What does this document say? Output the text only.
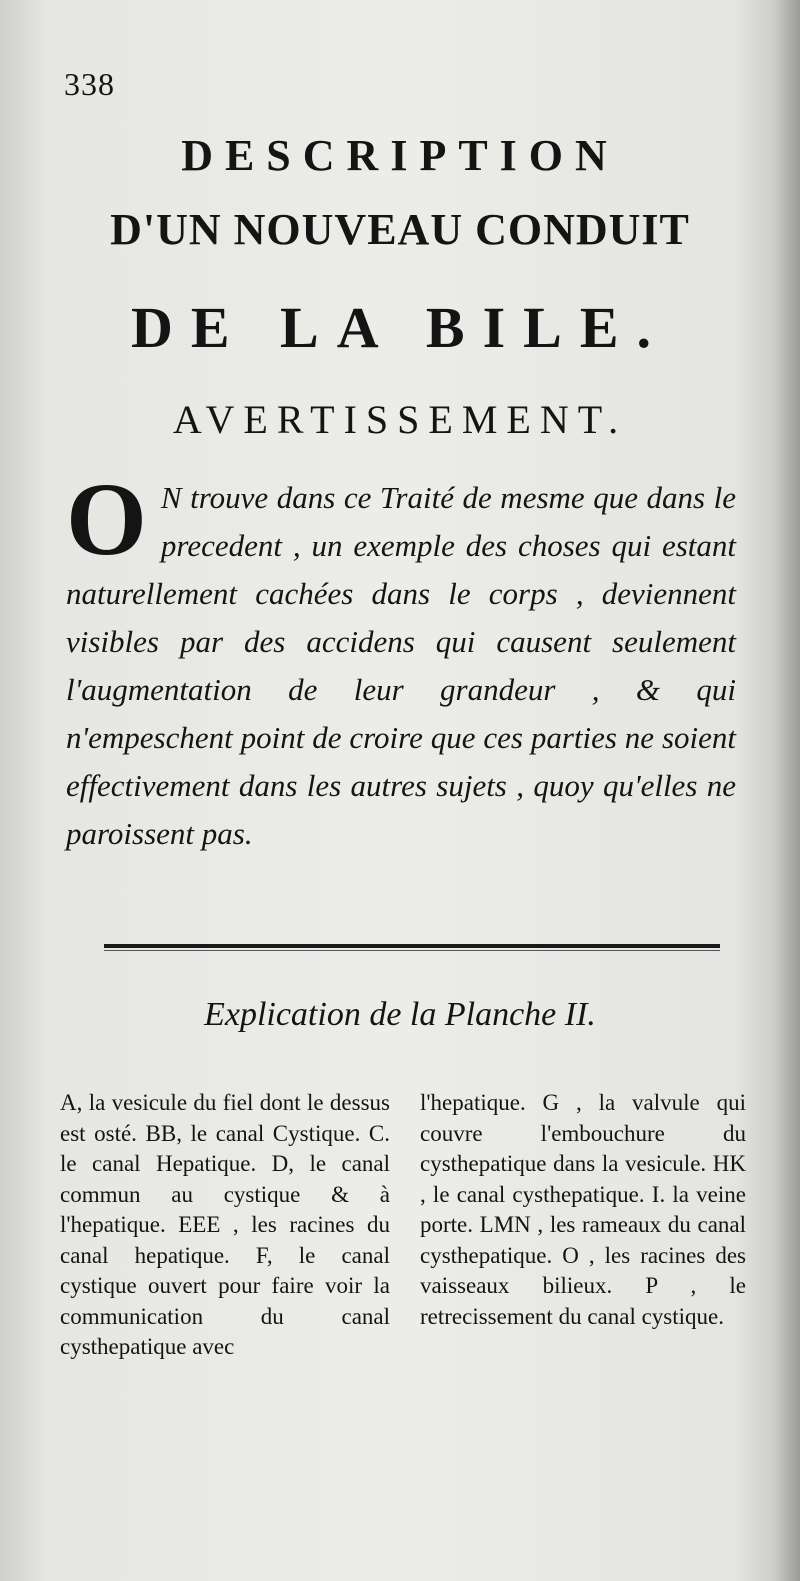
338
DESCRIPTION
D'UN NOUVEAU CONDUIT
DE LA BILE.
AVERTISSEMENT.
O N trouve dans ce Traité de mesme que dans le precedent , un exemple des choses qui estant naturellement cachées dans le corps , deviennent visibles par des accidens qui causent seulement l'augmentation de leur grandeur , & qui n'empeschent point de croire que ces parties ne soient effectivement dans les autres sujets , quoy qu'elles ne paroissent pas.
Explication de la Planche II.
A, la vesicule du fiel dont le dessus est osté. BB, le canal Cystique. C. le canal Hepatique. D, le canal commun au cystique & à l'hepatique. EEE , les racines du canal hepatique. F, le canal cystique ouvert pour faire voir la communication du canal cysthepatique avec
l'hepatique. G , la valvule qui couvre l'embouchure du cysthepatique dans la vesicule. HK , le canal cysthepatique. I. la veine porte. LMN , les rameaux du canal cysthepatique. O , les racines des vaisseaux bilieux. P , le retrecissement du canal cystique.
